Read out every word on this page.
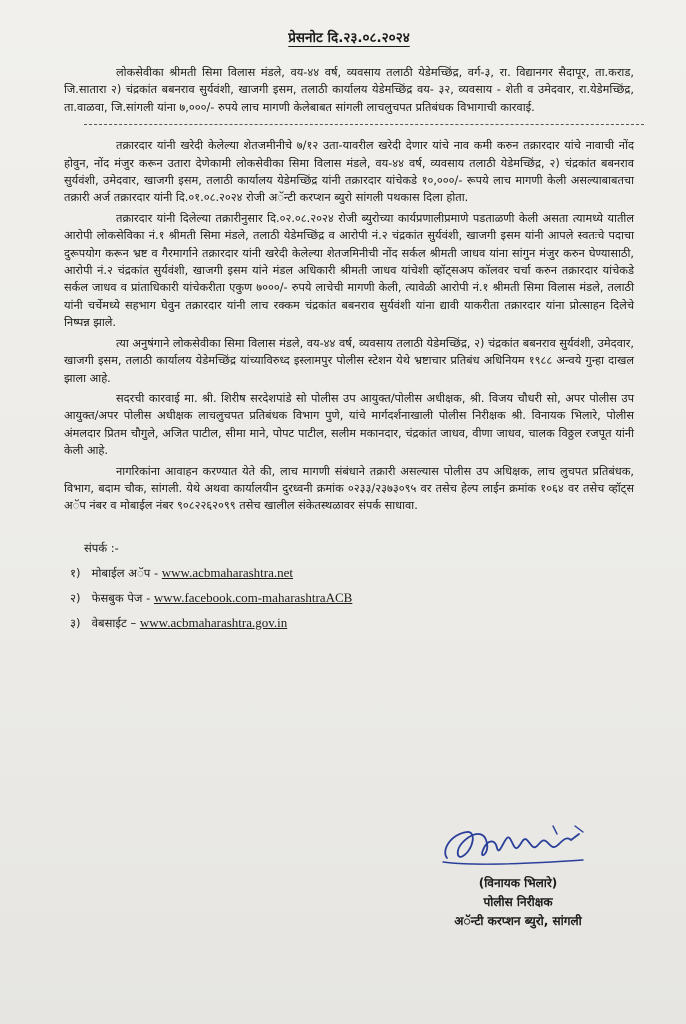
प्रेसनोट दि.२३.०८.२०२४

लोकसेवीका श्रीमती सिमा विलास मंडले, वय-४४ वर्ष, व्यवसाय तलाठी येडेमच्छिंद्र, वर्ग-३, रा. विद्यानगर सैदापूर, ता.कराड, जि.सातारा २) चंद्रकांत बबनराव सुर्यवंशी, खाजगी इसम, तलाठी कार्यालय येडेमच्छिंद्र वय- ३२, व्यवसाय - शेती व उमेदवार, रा.येडेमच्छिंद्र, ता.वाळवा, जि.सांगली यांना ७,०००/- रुपये लाच मागणी केलेबाबत सांगली लाचलुचपत प्रतिबंधक विभागाची कारवाई.

तक्रारदार यांनी खरेदी केलेल्या शेतजमीनीचे ७/१२ उता-यावरील खरेदी देणार यांचे नाव कमी करुन तक्रारदार यांचे नावाची नोंद होवुन, नोंद मंजुर करून उतारा देणेकामी लोकसेवीका सिमा विलास मंडले, वय-४४ वर्ष, व्यवसाय तलाठी येडेमच्छिंद्र, २) चंद्रकांत बबनराव सुर्यवंशी, उमेदवार, खाजगी इसम, तलाठी कार्यालय येडेमच्छिंद्र यांनी तक्रारदार यांचेकडे १०,०००/- रूपये लाच मागणी केली असल्याबाबतचा तक्रारी अर्ज तक्रारदार यांनी दि.०१.०८.२०२४ रोजी अॅन्टी करप्शन ब्युरो सांगली पथकास दिला होता.

तक्रारदार यांनी दिलेल्या तक्रारीनुसार दि.०२.०८.२०२४ रोजी ब्युरोच्या कार्यप्रणालीप्रमाणे पडताळणी केली असता त्यामध्ये यातील आरोपी लोकसेविका नं.१ श्रीमती सिमा मंडले, तलाठी येडेमच्छिंद्र व आरोपी नं.२ चंद्रकांत सुर्यवंशी, खाजगी इसम यांनी आपले स्वतःचे पदाचा दुरूपयोग करून भ्रष्ट व गैरमार्गाने तक्रारदार यांनी खरेदी केलेल्या शेतजमिनीची नोंद सर्कल श्रीमती जाधव यांना सांगुन मंजुर करुन घेण्यासाठी, आरोपी नं.२ चंद्रकांत सुर्यवंशी, खाजगी इसम यांने मंडल अधिकारी श्रीमती जाधव यांचेशी व्हॉट्सअप कॉलवर चर्चा करुन तक्रारदार यांचेकडे सर्कल जाधव व प्रांताधिकारी यांचेकरीता एकुण ७०००/- रुपये लाचेची मागणी केली, त्यावेळी आरोपी नं.१ श्रीमती सिमा विलास मंडले, तलाठी यांनी चर्चेमध्ये सहभाग घेवुन तक्रारदार यांनी लाच रक्कम चंद्रकांत बबनराव सुर्यवंशी यांना द्यावी याकरीता तक्रारदार यांना प्रोत्साहन दिलेचे निष्पन्न झाले.

त्या अनुषंगाने लोकसेवीका सिमा विलास मंडले, वय-४४ वर्ष, व्यवसाय तलाठी येडेमच्छिंद्र, २) चंद्रकांत बबनराव सुर्यवंशी, उमेदवार, खाजगी इसम, तलाठी कार्यालय येडेमच्छिंद्र यांच्याविरुध्द इस्लामपुर पोलीस स्टेशन येथे भ्रष्टाचार प्रतिबंध अधिनियम १९८८ अन्वये गुन्हा दाखल झाला आहे.

सदरची कारवाई मा. श्री. शिरीष सरदेशपांडे सो पोलीस उप आयुक्त/पोलीस अधीक्षक, श्री. विजय चौधरी सो, अपर पोलीस उप आयुक्त/अपर पोलीस अधीक्षक लाचलुचपत प्रतिबंधक विभाग पुणे, यांचे मार्गदर्शनाखाली पोलीस निरीक्षक श्री. विनायक भिलारे, पोलीस अंमलदार प्रितम चौगुले, अजित पाटील, सीमा माने, पोपट पाटील, सलीम मकानदार, चंद्रकांत जाधव, वीणा जाधव, चालक विठ्ठल रजपूत यांनी केली आहे.

नागरिकांना आवाहन करण्यात येते की, लाच मागणी संबंधाने तक्रारी असल्यास पोलीस उप अधिक्षक, लाच लुचपत प्रतिबंधक, विभाग, बदाम चौक, सांगली. येथे अथवा कार्यालयीन दुरध्वनी क्रमांक ०२३३/२३७३०९५ वर तसेच हेल्प लाईन क्रमांक १०६४ वर तसेच व्हॉट्स अॅप नंबर व मोबाईल नंबर ९०८२२६२०९९ तसेच खालील संकेतस्थळावर संपर्क साधावा.

संपर्क :-

१) मोबाईल अॅप - www.acbmaharashtra.net
२) फेसबुक पेज - www.facebook.com-maharashtraACB
३) वेबसाईट – www.acbmaharashtra.gov.in

(विनायक भिलारे)

पोलीस निरीक्षक

अॅन्टी करप्शन ब्युरो, सांगली
